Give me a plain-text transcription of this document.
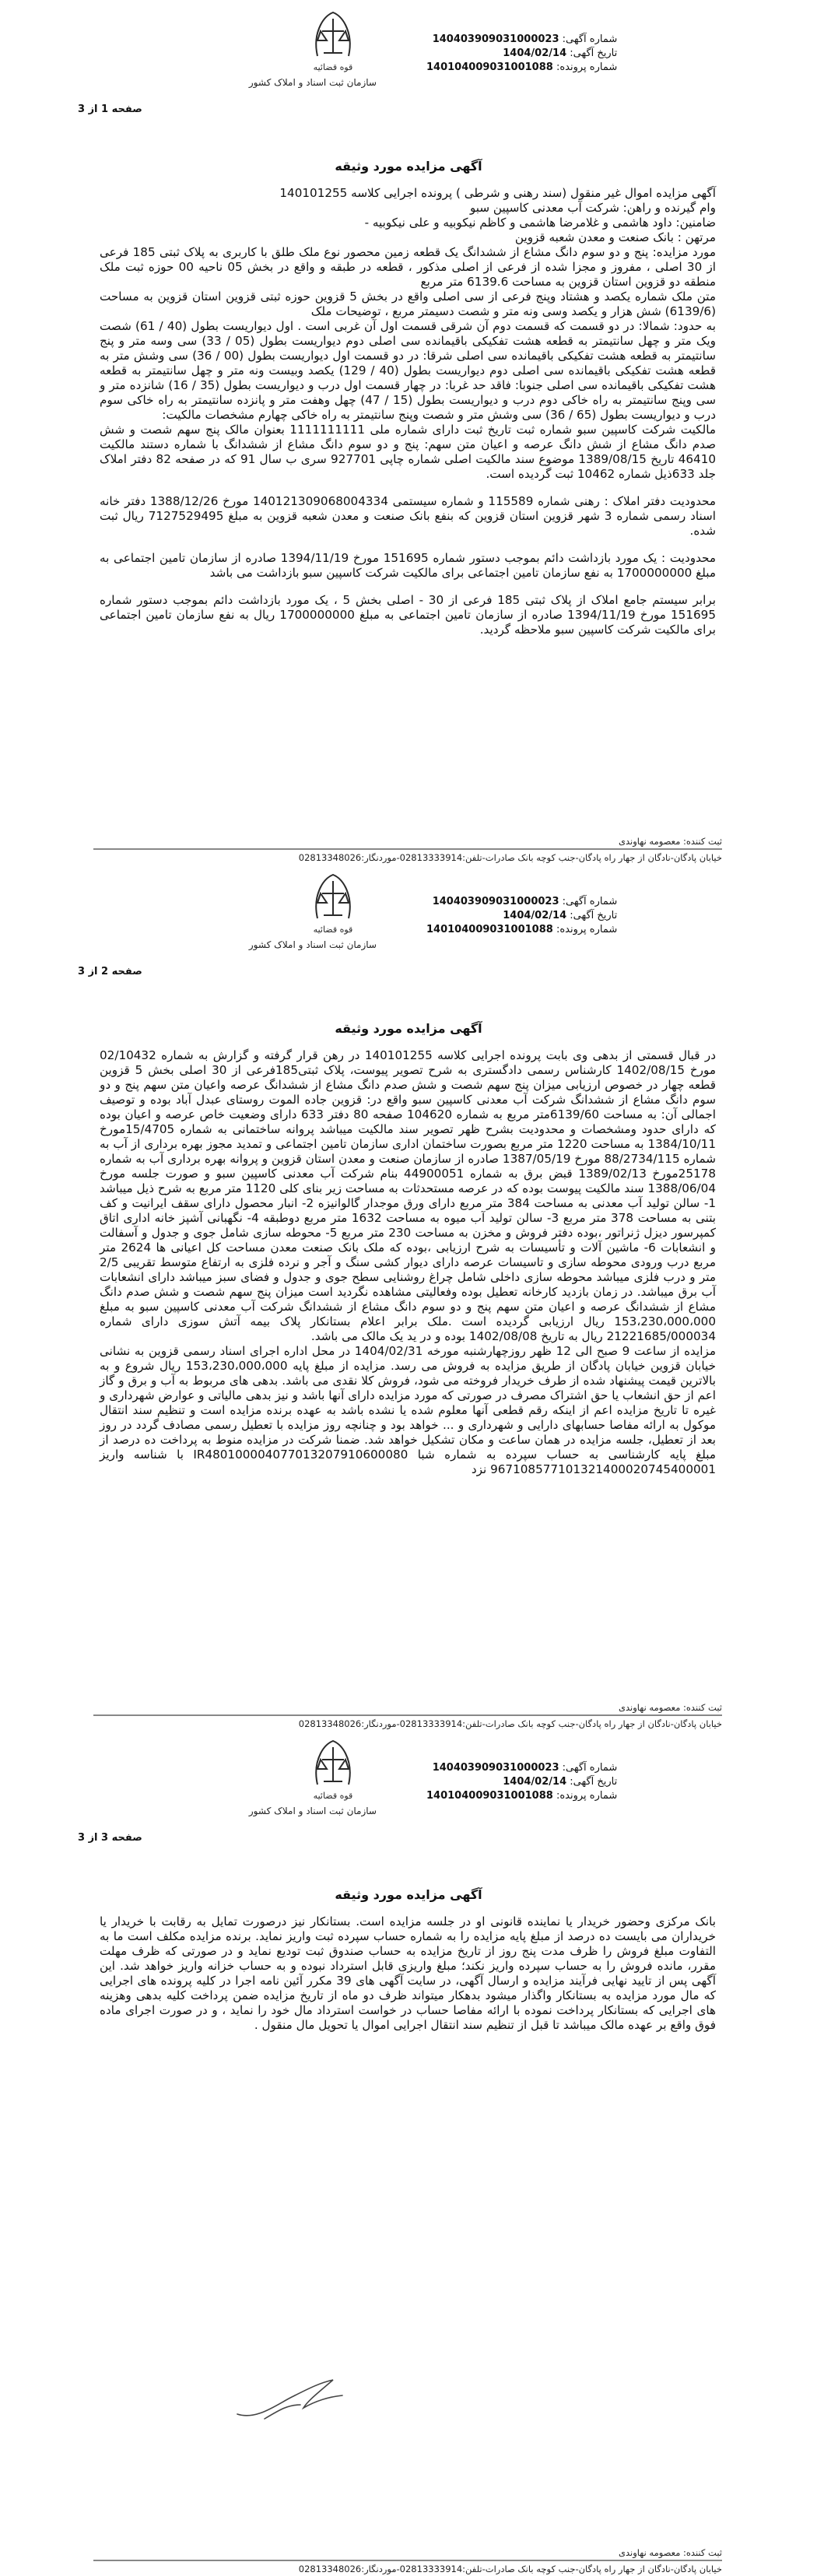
قوه قضائیه
سازمان ثبت اسناد و املاک کشور
شماره آگهی: 140403909031000023
تاریخ آگهی: 1404/02/14
شماره پرونده: 140104009031001088
صفحه 1 از 3
آگهی مزایده مورد وثیقه

آگهی مزایده اموال غیر منقول (سند رهنی و شرطی ) پرونده اجرایی کلاسه 140101255

وام گیرنده و راهن: شرکت آب معدنی کاسپین سبو

ضامنین: داود هاشمی و غلامرضا هاشمی و کاظم نیکوبیه و علی نیکوبیه -

مرتهن : بانک صنعت و معدن شعبه قزوین

مورد مزایده: پنج و دو سوم دانگ مشاع از ششدانگ یک قطعه زمین محصور نوع ملک طلق با کاربری به پلاک ثبتی 185 فرعی از 30 اصلی ، مفروز و مجزا شده از فرعی از اصلی مذکور ، قطعه در طبقه و واقع در بخش 05 ناحیه 00 حوزه ثبت ملک منطقه دو قزوین استان قزوین به مساحت 6139.6 متر مربع

متن ملک شماره یکصد و هشتاد وپنج فرعی از سی اصلی واقع در بخش 5 قزوین حوزه ثبتی قزوین استان قزوین به مساحت (6139/6) شش هزار و یکصد وسی ونه متر و شصت دسیمتر مربع ، توضیحات ملک

به حدود: شمالا: در دو قسمت که قسمت دوم آن شرقی قسمت اول آن غربی است . اول دیواریست بطول (40 / 61) شصت ویک متر و چهل سانتیمتر به قطعه هشت تفکیکی باقیمانده سی اصلی دوم دیواریست بطول (05 / 33) سی وسه متر و پنج سانتیمتر به قطعه هشت تفکیکی باقیمانده سی اصلی شرقا: در دو قسمت اول دیواریست بطول (00 / 36) سی وشش متر به قطعه هشت تفکیکی باقیمانده سی اصلی دوم دیواریست بطول (40 / 129) یکصد وبیست ونه متر و چهل سانتیمتر به قطعه هشت تفکیکی باقیمانده سی اصلی جنوبا: فاقد حد غربا: در چهار قسمت اول درب و دیواریست بطول (35 / 16) شانزده متر و سی وپنج سانتیمتر به راه خاکی دوم درب و دیواریست بطول (15 / 47) چهل وهفت متر و پانزده سانتیمتر به راه خاکی سوم درب و دیواریست بطول (65 / 36) سی وشش متر و شصت وپنج سانتیمتر به راه خاکی چهارم مشخصات مالکیت:

مالکیت شرکت کاسپین سبو شماره ثبت تاریخ ثبت دارای شماره ملی 1111111111 بعنوان مالک پنج سهم شصت و شش صدم دانگ مشاع از شش دانگ عرصه و اعیان متن سهم: پنج و دو سوم دانگ مشاع از ششدانگ با شماره دستند مالکیت 46410 تاریخ 1389/08/15 موضوع سند مالکیت اصلی شماره چاپی 927701 سری ب سال 91 که در صفحه 82 دفتر املاک جلد 633ذیل شماره 10462 ثبت گردیده است.

محدودیت دفتر املاک : رهنی شماره 115589 و شماره سیستمی 140121309068004334 مورخ 1388/12/26 دفتر خانه اسناد رسمی شماره 3 شهر قزوین استان قزوین که بنفع بانک صنعت و معدن شعبه قزوین به مبلغ 7127529495 ریال ثبت شده.

محدودیت : یک مورد بازداشت دائم بموجب دستور شماره 151695 مورخ 1394/11/19 صادره از سازمان تامین اجتماعی به مبلغ 1700000000 به نفع سازمان تامین اجتماعی برای مالکیت شرکت کاسپین سبو بازداشت می باشد

برابر سیستم جامع املاک از پلاک ثبتی 185 فرعی از 30 - اصلی بخش 5 ، یک مورد بازداشت دائم بموجب دستور شماره 151695 مورخ 1394/11/19 صادره از سازمان تامین اجتماعی به مبلغ 1700000000 ریال به نفع سازمان تامین اجتماعی برای مالکیت شرکت کاسپین سبو ملاحظه گردید.

ثبت کننده: معصومه نهاوندی
خیابان پادگان-نادگان از جهار راه پادگان-جنب کوچه بانک صادرات-تلفن:02813333914-موردنگار:02813348026
قوه قضائیه
سازمان ثبت اسناد و املاک کشور
شماره آگهی: 140403909031000023
تاریخ آگهی: 1404/02/14
شماره پرونده: 140104009031001088
صفحه 2 از 3
آگهی مزایده مورد وثیقه

در قبال قسمتی از بدهی وی بابت پرونده اجرایی کلاسه 140101255 در رهن قرار گرفته و گزارش به شماره 02/10432 مورخ 1402/08/15 کارشناس رسمی دادگستری به شرح تصویر پیوست، پلاک ثبتی185فرعی از 30 اصلی بخش 5 قزوین قطعه چهار در خصوص ارزیابی میزان پنج سهم شصت و شش صدم دانگ مشاع از ششدانگ عرصه واعیان متن سهم پنج و دو سوم دانگ مشاع از ششدانگ شرکت آب معدنی کاسپین سبو واقع در: قزوین جاده الموت روستای عبدل آباد بوده و توصیف اجمالی آن: به مساحت 6139/60متر مربع به شماره 104620 صفحه 80 دفتر 633 دارای وضعیت خاص عرصه و اعیان بوده که دارای حدود ومشخصات و محدودیت بشرح ظهر تصویر سند مالکیت میباشد پروانه ساختمانی به شماره 15/4705مورخ 1384/10/11 به مساحت 1220 متر مربع بصورت ساختمان اداری سازمان تامین اجتماعی و تمدید مجوز بهره برداری از آب به شماره 88/2734/115 مورخ 1387/05/19 صادره از سازمان صنعت و معدن استان قزوین و پروانه بهره برداری آب به شماره 25178مورخ 1389/02/13 قبض برق به شماره 44900051 بنام شرکت آب معدنی کاسپین سبو و صورت جلسه مورخ 1388/06/04 سند مالکیت پیوست بوده که در عرصه مستحدثات به مساحت زیر بنای کلی 1120 متر مربع به شرح ذیل میباشد 1- سالن تولید آب معدنی به مساحت 384 متر مربع دارای ورق موجدار گالوانیزه 2- انبار محصول دارای سقف ایرانیت و کف بتنی به مساحت 378 متر مربع 3- سالن تولید آب میوه به مساحت 1632 متر مربع دوطبقه 4- نگهبانی آشپز خانه اداری اتاق کمپرسور دیزل ژنراتور ،بوده دفتر فروش و مخزن به مساحت 230 متر مربع 5- محوطه سازی شامل جوی و جدول و آسفالت و انشعابات 6- ماشین آلات و تأسیسات به شرح ارزیابی ،بوده که ملک بانک صنعت معدن مساحت کل اعیانی ها 2624 متر مربع درب ورودی محوطه سازی و تاسیسات عرصه دارای دیوار کشی سنگ و آجر و نرده فلزی به ارتفاع متوسط تقریبی 2/5 متر و درب فلزی میباشد محوطه سازی داخلی شامل چراغ روشنایی سطح جوی و جدول و فضای سبز میباشد دارای انشعابات آب برق میباشد. در زمان بازدید کارخانه تعطیل بوده وفعالیتی مشاهده نگردید است میزان پنج سهم شصت و شش صدم دانگ مشاع از ششدانگ عرصه و اعیان متن سهم پنج و دو سوم دانگ مشاع از ششدانگ شرکت آب معدنی کاسپین سبو به مبلغ 153،230،000،000 ریال ارزیابی گردیده است .ملک برابر اعلام بستانکار پلاک بیمه آتش سوزی دارای شماره 21221685/000034 ریال به تاریخ 1402/08/08 بوده و در ید یک مالک می باشد.

مزایده از ساعت 9 صبح الی 12 ظهر روزچهارشنبه مورخه 1404/02/31 در محل اداره اجرای اسناد رسمی قزوین به نشانی خیابان قزوین خیابان پادگان از طریق مزایده به فروش می رسد. مزایده از مبلغ پایه 153،230،000،000 ریال شروع و به بالاترین قیمت پیشنهاد شده از طرف خریدار فروخته می شود، فروش کلا نقدی می باشد. بدهی های مربوط به آب و برق و گاز اعم از حق انشعاب یا حق اشتراک مصرف در صورتی که مورد مزایده دارای آنها باشد و نیز بدهی مالیاتی و عوارض شهرداری و غیره تا تاریخ مزایده اعم از اینکه رقم قطعی آنها معلوم شده یا نشده باشد به عهده برنده مزایده است و تنظیم سند انتقال موکول به ارائه مفاصا حسابهای دارایی و شهرداری و ... خواهد بود و چنانچه روز مزایده با تعطیل رسمی مصادف گردد در روز بعد از تعطیل، جلسه مزایده در همان ساعت و مکان تشکیل خواهد شد. ضمنا شرکت در مزایده منوط به پرداخت ده درصد از مبلغ پایه کارشناسی به حساب سپرده به شماره شبا IR480100004077013207910600080 با شناسه واریز 967108577101321400020745400001 نزد

ثبت کننده: معصومه نهاوندی
خیابان پادگان-نادگان از جهار راه پادگان-جنب کوچه بانک صادرات-تلفن:02813333914-موردنگار:02813348026
قوه قضائیه
سازمان ثبت اسناد و املاک کشور
شماره آگهی: 140403909031000023
تاریخ آگهی: 1404/02/14
شماره پرونده: 140104009031001088
صفحه 3 از 3
آگهی مزایده مورد وثیقه

بانک مرکزی وحضور خریدار یا نماینده قانونی او در جلسه مزایده است. بستانکار نیز درصورت تمایل به رقابت با خریدار یا خریداران می بایست ده درصد از مبلغ پایه مزایده را به شماره حساب سپرده ثبت واریز نماید. برنده مزایده مکلف است ما به التفاوت مبلغ فروش را ظرف مدت پنج روز از تاریخ مزایده به حساب صندوق ثبت تودیع نماید و در صورتی که ظرف مهلت مقرر، مانده فروش را به حساب سپرده واریز نکند؛ مبلغ واریزی قابل استرداد نبوده و به حساب خزانه واریز خواهد شد. این آگهی پس از تایید نهایی فرآیند مزایده و ارسال آگهی، در سایت آگهی های 39 مکرر آئین نامه اجرا در کلیه پرونده های اجرایی که مال مورد مزایده به بستانکار واگذار میشود بدهکار میتواند ظرف دو ماه از تاریخ مزایده ضمن پرداخت کلیه بدهی وهزینه های اجرایی که بستانکار پرداخت نموده با ارائه مفاصا حساب در خواست استرداد مال خود را نماید ، و در صورت اجرای ماده فوق واقع بر عهده مالک میباشد تا قبل از تنظیم سند انتقال اجرایی اموال یا تحویل مال منقول .

ثبت کننده: معصومه نهاوندی
خیابان پادگان-نادگان از جهار راه پادگان-جنب کوچه بانک صادرات-تلفن:02813333914-موردنگار:02813348026
